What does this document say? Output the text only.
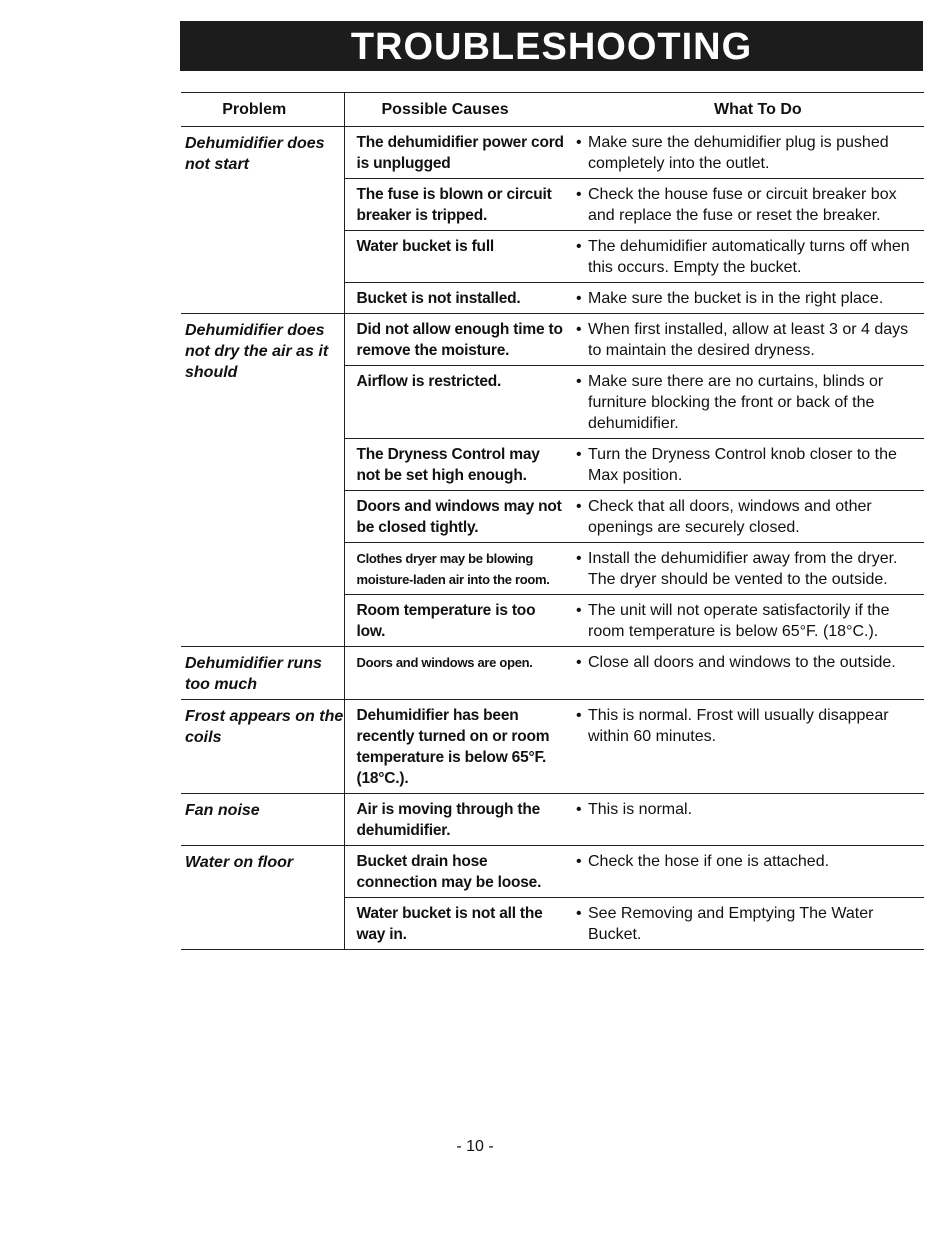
TROUBLESHOOTING
Problem	Possible Causes	What To Do
Dehumidifier does not start	The dehumidifier power cord is unplugged	• Make sure the dehumidifier plug is pushed completely into the outlet.
	The fuse is blown or circuit breaker is tripped.	• Check the house fuse or circuit breaker box and replace the fuse or reset the breaker.
	Water bucket is full	• The dehumidifier automatically turns off when this occurs. Empty the bucket.
	Bucket is not installed.	• Make sure the bucket is in the right place.
Dehumidifier does not dry the air as it should	Did not allow enough time to remove the moisture.	• When first installed, allow at least 3 or 4 days to maintain the desired dryness.
	Airflow is restricted.	• Make sure there are no curtains, blinds or furniture blocking the front or back of the dehumidifier.
	The Dryness Control may not be set high enough.	• Turn the Dryness Control knob closer to the Max position.
	Doors and windows may not be closed tightly.	• Check that all doors, windows and other openings are securely closed.
	Clothes dryer may be blowing moisture-laden air into the room.	• Install the dehumidifier away from the dryer. The dryer should be vented to the outside.
	Room temperature is too low.	• The unit will not operate satisfactorily if the room temperature is below 65°F. (18°C.).
Dehumidifier runs too much	Doors and windows are open.	• Close all doors and windows to the outside.
Frost appears on the coils	Dehumidifier has been recently turned on or room temperature is below 65°F. (18°C.).	• This is normal. Frost will usually disappear within 60 minutes.
Fan noise	Air is moving through the dehumidifier.	• This is normal.
Water on floor	Bucket drain hose connection may be loose.	• Check the hose if one is attached.
	Water bucket is not all the way in.	• See Removing and Emptying The Water Bucket.
- 10 -
